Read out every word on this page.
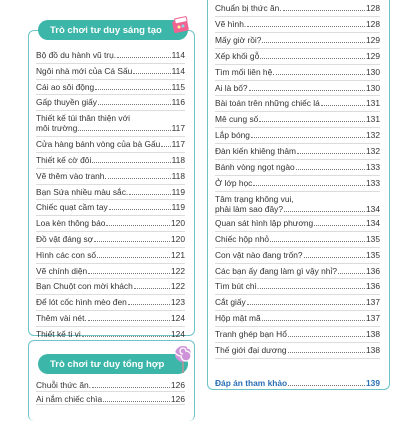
Trò chơi tư duy sáng tạo
Bộ đồ du hành vũ trụ.	114
Ngôi nhà mới của Cá Sấu	114
Cái ao sôi động	115
Gấp thuyền giấy	116
Thiết kế túi thân thiện với
môi trường	117
Cửa hàng bánh vòng của bà Gấu 117
Thiết kế cờ đôi	118
Vẽ thêm vào tranh.	118
Bạn Sứa nhiều màu sắc.	119
Chiếc quạt cầm tay	119
Loa kèn thông báo	120
Đồ vật đáng sợ	120
Hình các con số	121
Vẽ chính diện	122
Bạn Chuột con mời khách	122
Để lót cốc hình mèo đen	123
Thêm vài nét.	124
Thiết kế ti vi	124
Trò chơi tư duy tổng hợp
Chuỗi thức ăn.	126
Ai nắm chiếc chìa	126
Chuẩn bị thức ăn.	128
Vẽ hình.	128
Mấy giờ rồi?	129
Xếp khối gỗ	129
Tìm mối liên hệ.	130
Ai là bố?	130
Bài toán trên những chiếc lá	131
Mê cung số	131
Lắp bóng	132
Đàn kiến khiêng thảm	132
Bánh vòng ngọt ngào	133
Ở lớp học	133
Tâm trạng không vui,
phải làm sao đây?	134
Quan sát hình lập phương	134
Chiếc hộp nhỏ	135
Con vật nào đang trốn?	135
Các bạn ấy đang làm gì vậy nhỉ?	136
Tìm bút chì.	136
Cắt giấy	137
Hộp mật mã	137
Tranh ghép bạn Hổ	138
Thế giới đại dương	138
Đáp án tham khảo	139
